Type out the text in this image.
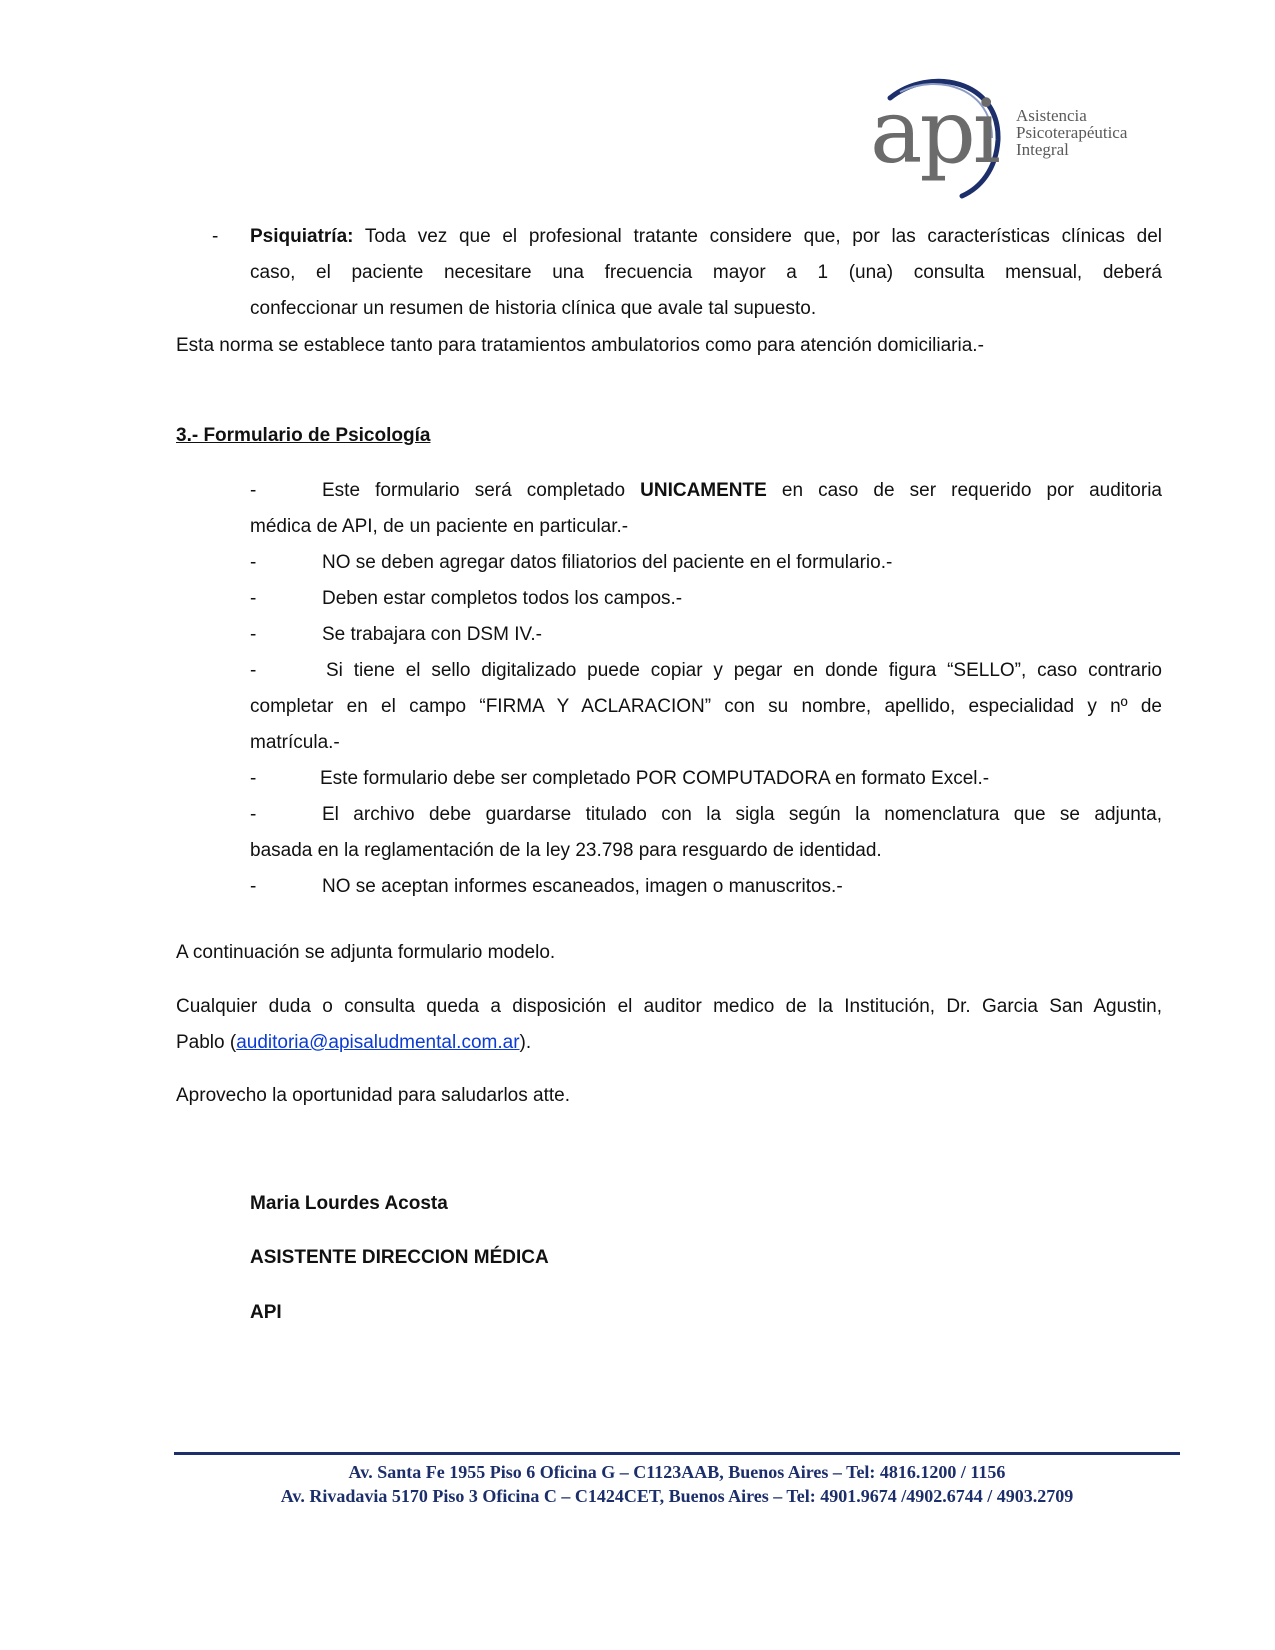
api Asistencia
Psicoterapéutica
Integral
- Psiquiatría: Toda vez que el profesional tratante considere que, por las características clínicas del
caso, el paciente necesitare una frecuencia mayor a 1 (una) consulta mensual, deberá
confeccionar un resumen de historia clínica que avale tal supuesto.
Esta norma se establece tanto para tratamientos ambulatorios como para atención domiciliaria.-
3.- Formulario de Psicología
-	Este formulario será completado UNICAMENTE en caso de ser requerido por auditoria
médica de API, de un paciente en particular.-
-	NO se deben agregar datos filiatorios del paciente en el formulario.-
-	Deben estar completos todos los campos.-
-	Se trabajara con DSM IV.-
-	Si tiene el sello digitalizado puede copiar y pegar en donde figura “SELLO”, caso contrario
completar en el campo “FIRMA Y ACLARACION” con su nombre, apellido, especialidad y nº de
matrícula.-
-	Este formulario debe ser completado POR COMPUTADORA en formato Excel.-
-	El archivo debe guardarse titulado con la sigla según la nomenclatura que se adjunta,
basada en la reglamentación de la ley 23.798 para resguardo de identidad.
-	NO se aceptan informes escaneados, imagen o manuscritos.-
A continuación se adjunta formulario modelo.
Cualquier duda o consulta queda a disposición el auditor medico de la Institución, Dr. Garcia San Agustin,
Pablo (auditoria@apisaludmental.com.ar).
Aprovecho la oportunidad para saludarlos atte.
Maria Lourdes Acosta
ASISTENTE DIRECCION MÉDICA
API
Av. Santa Fe 1955 Piso 6 Oficina G – C1123AAB, Buenos Aires – Tel: 4816.1200 / 1156
Av. Rivadavia 5170 Piso 3 Oficina C – C1424CET, Buenos Aires – Tel: 4901.9674 /4902.6744 / 4903.2709
